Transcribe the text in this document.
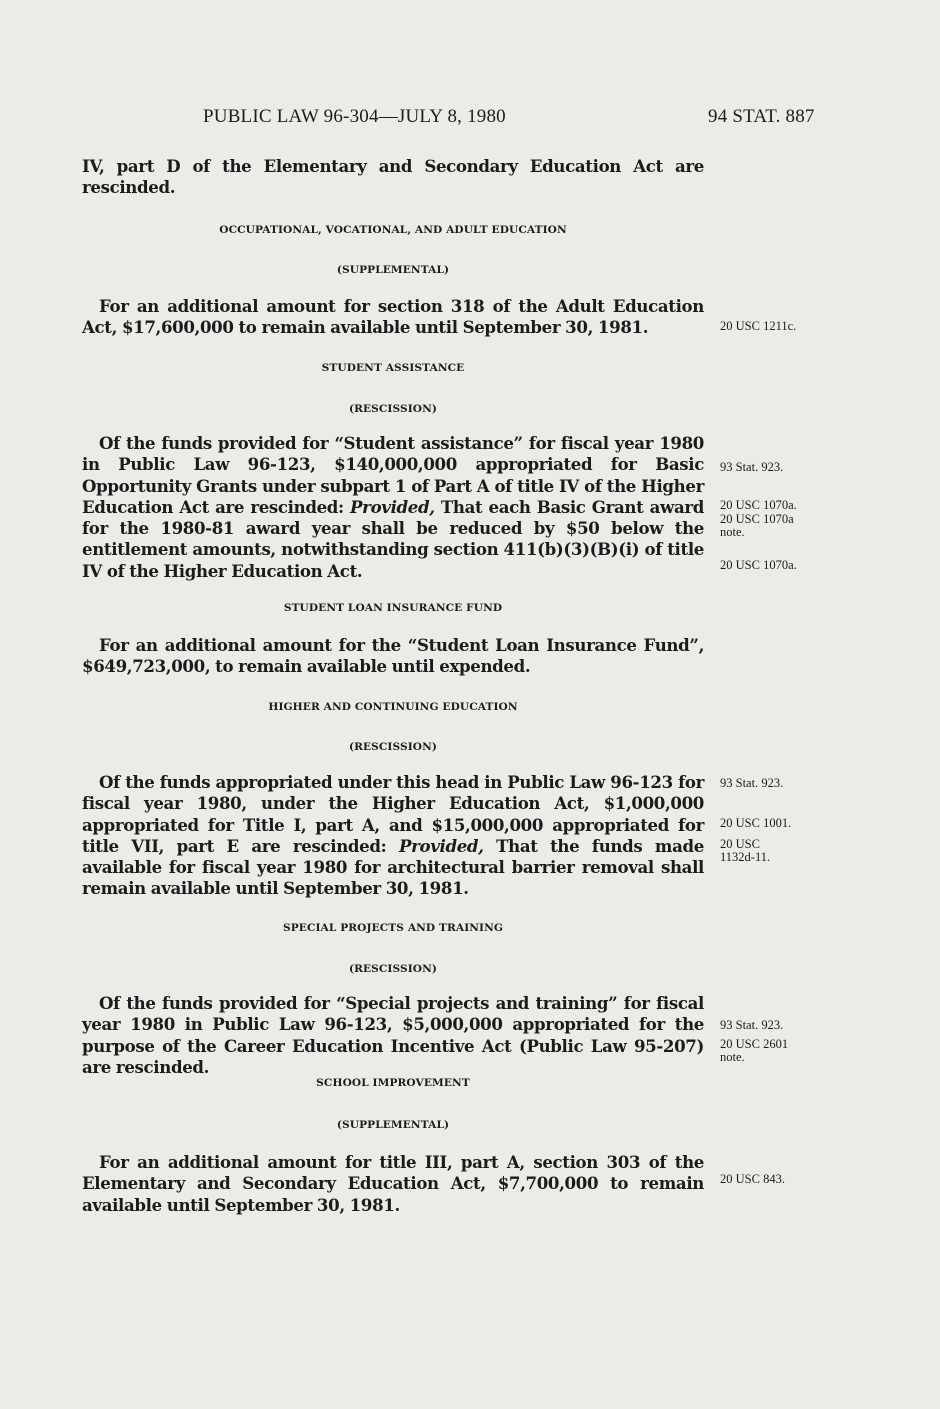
PUBLIC LAW 96-304—JULY 8, 1980	94 STAT. 887
IV, part D of the Elementary and Secondary Education Act are rescinded.
OCCUPATIONAL, VOCATIONAL, AND ADULT EDUCATION
(SUPPLEMENTAL)
For an additional amount for section 318 of the Adult Education Act, $17,600,000 to remain available until September 30, 1981.	20 USC 1211c.
STUDENT ASSISTANCE
(RESCISSION)
Of the funds provided for “Student assistance” for fiscal year 1980 in Public Law 96-123, $140,000,000 appropriated for Basic Opportunity Grants under subpart 1 of Part A of title IV of the Higher Education Act are rescinded: Provided, That each Basic Grant award for the 1980-81 award year shall be reduced by $50 below the entitlement amounts, notwithstanding section 411(b)(3)(B)(i) of title IV of the Higher Education Act.
93 Stat. 923.
20 USC 1070a.
20 USC 1070a note.
20 USC 1070a.
STUDENT LOAN INSURANCE FUND
For an additional amount for the “Student Loan Insurance Fund”, $649,723,000, to remain available until expended.
HIGHER AND CONTINUING EDUCATION
(RESCISSION)
Of the funds appropriated under this head in Public Law 96-123 for fiscal year 1980, under the Higher Education Act, $1,000,000 appropriated for Title I, part A, and $15,000,000 appropriated for title VII, part E are rescinded: Provided, That the funds made available for fiscal year 1980 for architectural barrier removal shall remain available until September 30, 1981.
93 Stat. 923.
20 USC 1001.
20 USC 1132d-11.
SPECIAL PROJECTS AND TRAINING
(RESCISSION)
Of the funds provided for “Special projects and training” for fiscal year 1980 in Public Law 96-123, $5,000,000 appropriated for the purpose of the Career Education Incentive Act (Public Law 95-207) are rescinded.
93 Stat. 923.
20 USC 2601 note.
SCHOOL IMPROVEMENT
(SUPPLEMENTAL)
For an additional amount for title III, part A, section 303 of the Elementary and Secondary Education Act, $7,700,000 to remain available until September 30, 1981.
20 USC 843.
